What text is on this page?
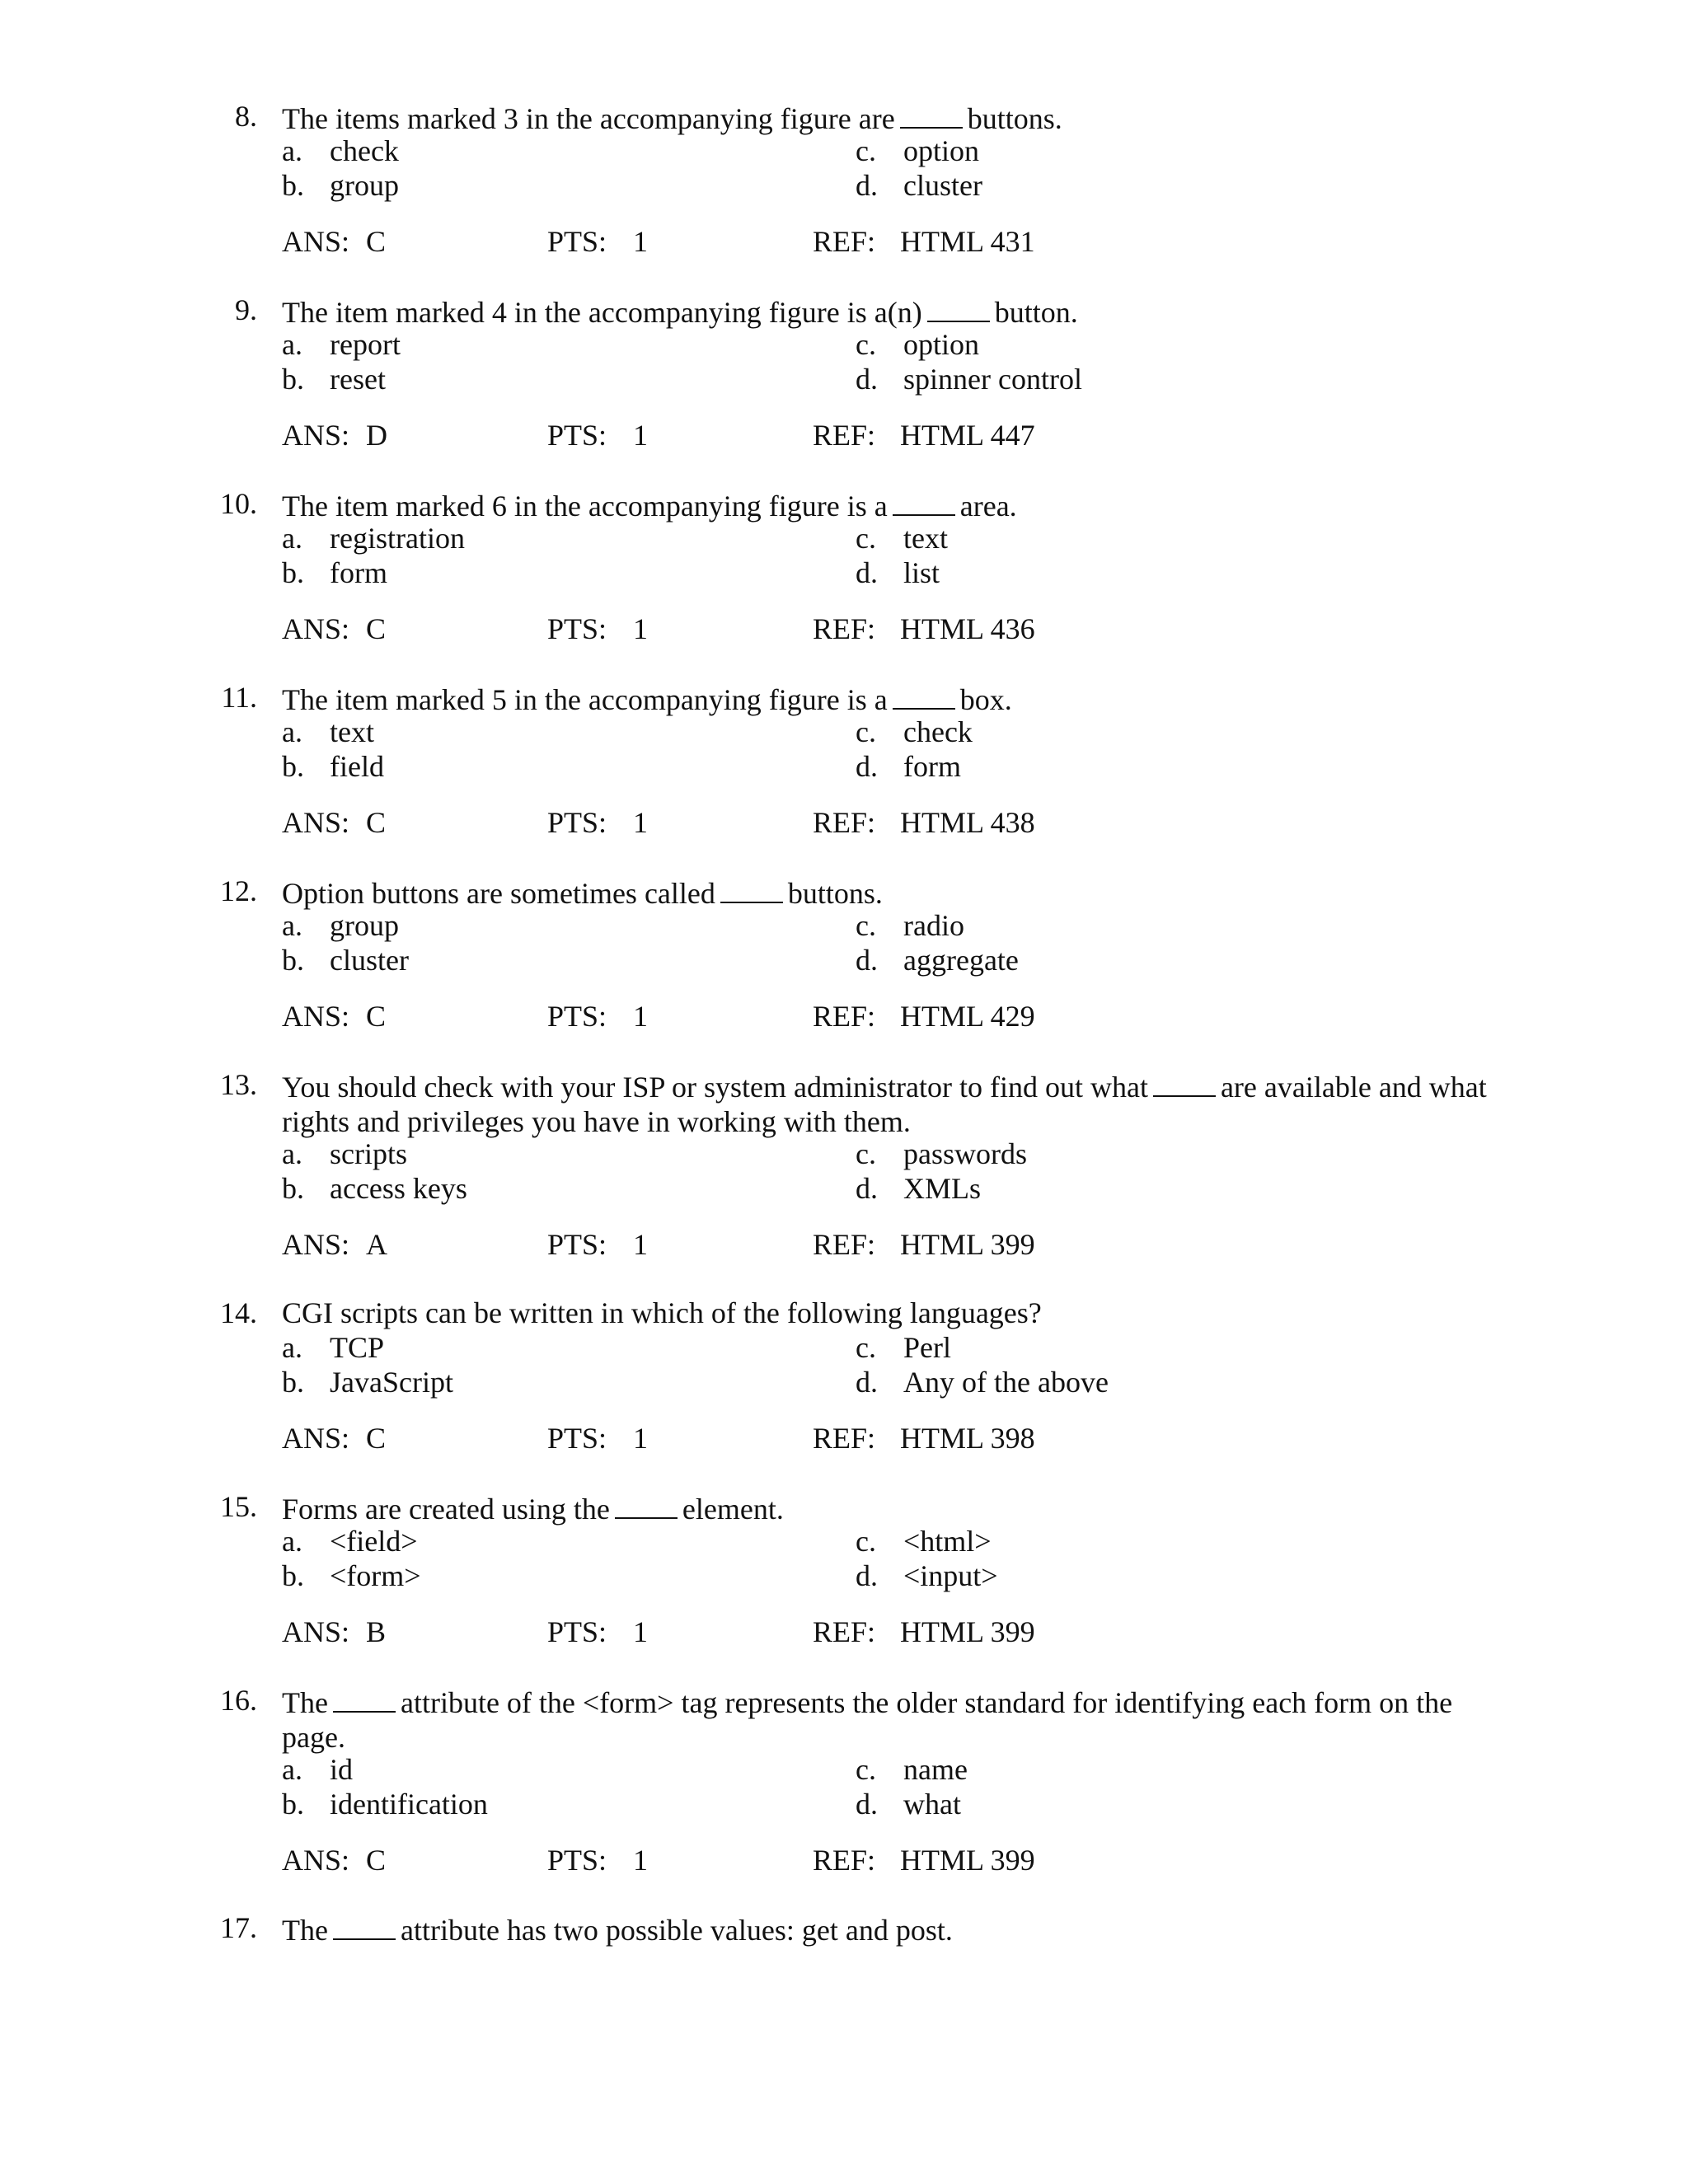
8. The items marked 3 in the accompanying figure are buttons.
a. check
b. group
c. option
d. cluster
ANS: C	PTS: 1	REF: HTML 431
9. The item marked 4 in the accompanying figure is a(n) button.
a. report
b. reset
c. option
d. spinner control
ANS: D	PTS: 1	REF: HTML 447
10. The item marked 6 in the accompanying figure is a area.
a. registration
b. form
c. text
d. list
ANS: C	PTS: 1	REF: HTML 436
11. The item marked 5 in the accompanying figure is a box.
a. text
b. field
c. check
d. form
ANS: C	PTS: 1	REF: HTML 438
12. Option buttons are sometimes called buttons.
a. group
b. cluster
c. radio
d. aggregate
ANS: C	PTS: 1	REF: HTML 429
13. You should check with your ISP or system administrator to find out what are available and what rights and privileges you have in working with them.
a. scripts
b. access keys
c. passwords
d. XMLs
ANS: A	PTS: 1	REF: HTML 399
14. CGI scripts can be written in which of the following languages?
a. TCP
b. JavaScript
c. Perl
d. Any of the above
ANS: C	PTS: 1	REF: HTML 398
15. Forms are created using the element.
a. <field>
b. <form>
c. <html>
d. <input>
ANS: B	PTS: 1	REF: HTML 399
16. The attribute of the <form> tag represents the older standard for identifying each form on the page.
a. id
b. identification
c. name
d. what
ANS: C	PTS: 1	REF: HTML 399
17. The attribute has two possible values: get and post.
